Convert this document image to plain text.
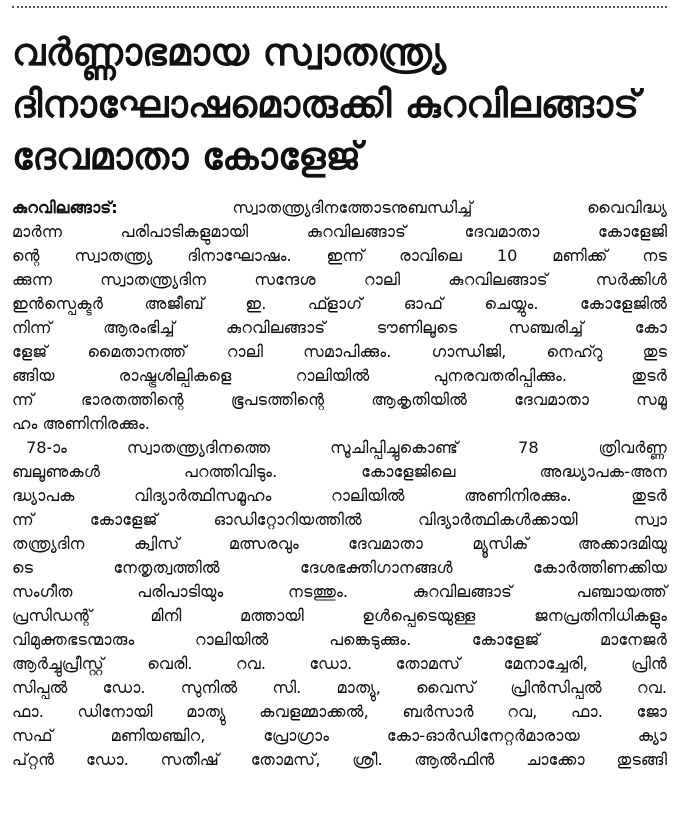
വർണ്ണാഭമായ സ്വാതന്ത്ര്യ
ദിനാഘോഷമൊരുക്കി കുറവിലങ്ങാട്
ദേവമാതാ കോളേജ്
കുറവിലങ്ങാട്:	സ്വാതന്ത്ര്യദിനത്തോടനുബന്ധിച്ച് വൈവിദ്ധ്യ
മാർന്ന പരിപാടികളുമായി കുറവിലങ്ങാട് ദേവമാതാ കോളേജി
ന്റെ സ്വാതന്ത്ര്യ ദിനാഘോഷം. ഇന്ന് രാവിലെ 10 മണിക്ക് നട
ക്കുന്ന സ്വാതന്ത്ര്യദിന സന്ദേശ റാലി കുറവിലങ്ങാട് സർക്കിൾ
ഇൻസ്പെക്ടർ അജീബ് ഇ. ഫ്ളാഗ് ഓഫ് ചെയ്യും. കോളേജിൽ
നിന്ന് ആരംഭിച്ച് കുറവിലങ്ങാട് ടൗണിലൂടെ സഞ്ചരിച്ച് കോ
ളേജ് മൈതാനത്ത് റാലി സമാപിക്കും. ഗാന്ധിജി, നെഹ്റു തുട
ങ്ങിയ രാഷ്ട്രശില്പികളെ റാലിയിൽ പുനരവതരിപ്പിക്കും. തുടർ
ന്ന് ഭാരതത്തിന്റെ ഭൂപടത്തിന്റെ ആകൃതിയിൽ ദേവമാതാ സമൂ
ഹം അണിനിരക്കും.
78-ാം സ്വാതന്ത്ര്യദിനത്തെ സൂചിപ്പിച്ചുകൊണ്ട് 78 ത്രിവർണ്ണ
ബലൂണുകൾ പറത്തിവിടും. കോളേജിലെ അദ്ധ്യാപക-അന
ദ്ധ്യാപക വിദ്യാർത്ഥിസമൂഹം റാലിയിൽ അണിനിരക്കും. തുടർ
ന്ന് കോളേജ് ഓഡിറ്റോറിയത്തിൽ വിദ്യാർത്ഥികൾക്കായി സ്വാ
തന്ത്ര്യദിന ക്വിസ് മത്സരവും ദേവമാതാ മ്യൂസിക് അക്കാദമിയു
ടെ നേതൃത്വത്തിൽ ദേശഭക്തിഗാനങ്ങൾ കോർത്തിണക്കിയ
സംഗീത പരിപാടിയും നടത്തും. കുറവിലങ്ങാട് പഞ്ചായത്ത്
പ്രസിഡന്റ് മിനി മത്തായി ഉൾപ്പെടെയുള്ള ജനപ്രതിനിധികളും
വിമുക്തഭടന്മാരും റാലിയിൽ പങ്കെടുക്കും. കോളേജ് മാനേജർ
ആർച്ചുപ്രീസ്റ്റ് വെരി. റവ. ഡോ. തോമസ് മേനാച്ചേരി, പ്രിൻ
സിപ്പൽ ഡോ. സുനിൽ സി. മാത്യു, വൈസ് പ്രിൻസിപ്പൽ റവ.
ഫാ. ഡിനോയി മാത്യു കവളമ്മാക്കൽ, ബർസാർ റവ, ഫാ. ജോ
സഫ് മണിയഞ്ചിറ, പ്രോഗ്രാം കോ-ഓർഡിനേറ്റർമാരായ ക്യാ
പ്റ്റൻ ഡോ. സതീഷ് തോമസ്, ശ്രീ. ആൽഫിൻ ചാക്കോ തുടങ്ങി
